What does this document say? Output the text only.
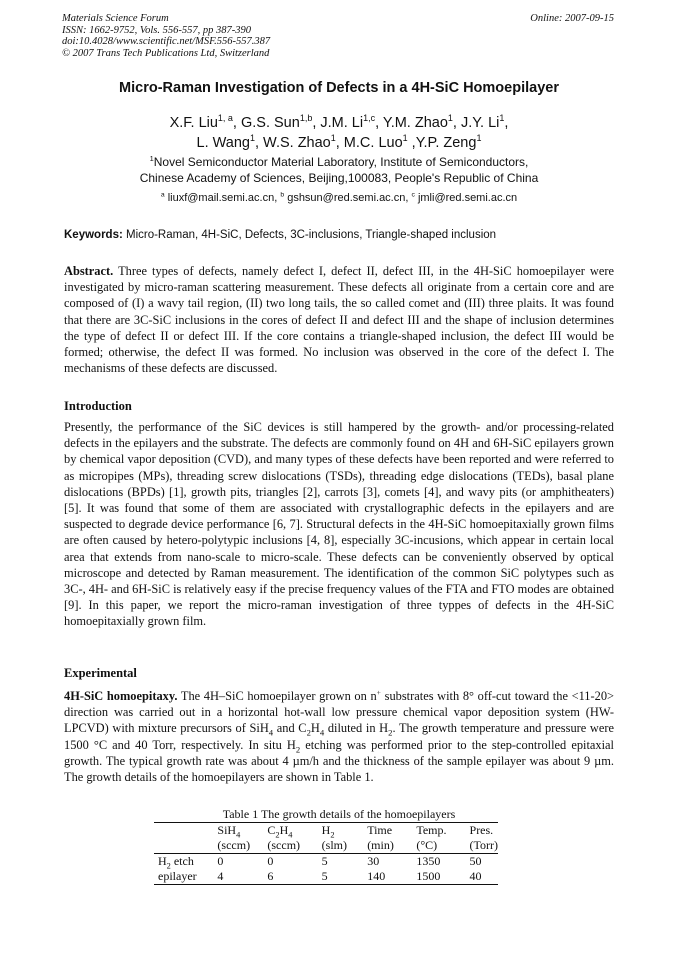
Materials Science Forum
ISSN: 1662-9752, Vols. 556-557, pp 387-390
doi:10.4028/www.scientific.net/MSF.556-557.387
© 2007 Trans Tech Publications Ltd, Switzerland
Online: 2007-09-15
Micro-Raman Investigation of Defects in a 4H-SiC Homoepilayer
X.F. Liu$^{1, a}$, G.S. Sun$^{1,b}$, J.M. Li$^{1,c}$, Y.M. Zhao$^1$, J.Y. Li$^1$,
L. Wang$^1$, W.S. Zhao$^1$, M.C. Luo$^1$ ,Y.P. Zeng$^1$
$^1$Novel Semiconductor Material Laboratory, Institute of Semiconductors,
Chinese Academy of Sciences, Beijing,100083, People's Republic of China
$^a$ liuxf@mail.semi.ac.cn, $^b$ gshsun@red.semi.ac.cn, $^c$ jmli@red.semi.ac.cn
Keywords: Micro-Raman, 4H-SiC, Defects, 3C-inclusions, Triangle-shaped inclusion
Abstract. Three types of defects, namely defect I, defect II, defect III, in the 4H-SiC homoepilayer were investigated by micro-raman scattering measurement. These defects all originate from a certain core and are composed of (I) a wavy tail region, (II) two long tails, the so called comet and (III) three plaits. It was found that there are 3C-SiC inclusions in the cores of defect II and defect III and the shape of inclusion determines the type of defect II or defect III. If the core contains a triangle-shaped inclusion, the defect III would be formed; otherwise, the defect II was formed. No inclusion was observed in the core of the defect I. The mechanisms of these defects are discussed.
Introduction
Presently, the performance of the SiC devices is still hampered by the growth- and/or processing-related defects in the epilayers and the substrate. The defects are commonly found on 4H and 6H-SiC epilayers grown by chemical vapor deposition (CVD), and many types of these defects have been reported and were referred to as micropipes (MPs), threading screw dislocations (TSDs), threading edge dislocations (TEDs), basal plane dislocations (BPDs) [1], growth pits, triangles [2], carrots [3], comets [4], and wavy pits (or amphitheaters) [5]. It was found that some of them are associated with crystallographic defects in the epilayers and are suspected to degrade device performance [6, 7]. Structural defects in the 4H-SiC homoepitaxially grown films are often caused by hetero-polytypic inclusions [4, 8], especially 3C-incusions, which appear in certain local area that extends from nano-scale to micro-scale. These defects can be conveniently observed by optical microscope and detected by Raman measurement. The identification of the common SiC polytypes such as 3C-, 4H- and 6H-SiC is relatively easy if the precise frequency values of the FTA and FTO modes are obtained [9]. In this paper, we report the micro-raman investigation of three typpes of defects in the 4H-SiC homoepitaxially grown film.
Experimental
4H-SiC homoepitaxy. The 4H–SiC homoepilayer grown on n+ substrates with 8° off-cut toward the <11-20> direction was carried out in a horizontal hot-wall low pressure chemical vapor deposition system (HW-LPCVD) with mixture precursors of SiH$_4$ and $C_2H_4$ diluted in $H_2$. The growth temperature and pressure were 1500 °C and 40 Torr, respectively. In situ $H_2$ etching was performed prior to the step-controlled epitaxial growth. The typical growth rate was about 4 µm/h and the thickness of the sample epilayer was about 9 µm. The growth details of the homoepilayers are shown in Table 1.
Table 1 The growth details of the homoepilayers
	SiH$_4$	$C_2H_4$	$H_2$	Time	Temp.	Pres.
	(sccm)	(sccm)	(slm)	(min)	(°C)	(Torr)
$H_2$ etch	0	0	5	30	1350	50
epilayer	4	6	5	140	1500	40
